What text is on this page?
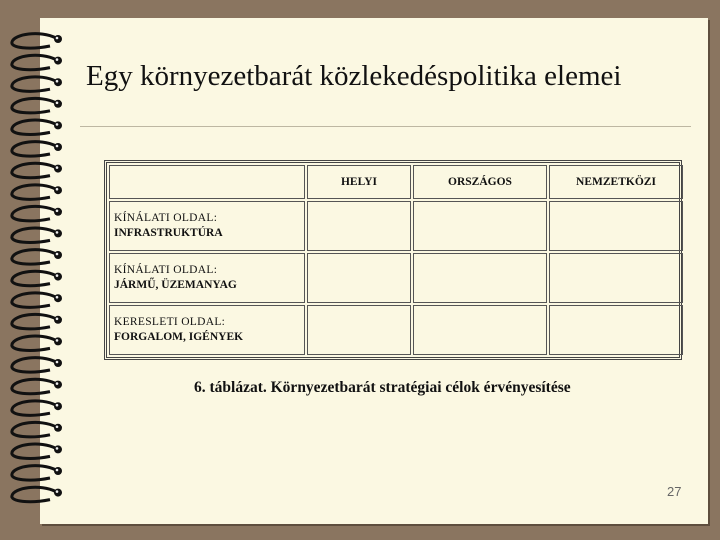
Egy környezetbarát közlekedéspolitika elemei
	HELYI	ORSZÁGOS	NEMZETKÖZI

KÍNÁLATI OLDAL:
INFRASTRUKTÚRA			

KÍNÁLATI OLDAL:
JÁRMŰ, ÜZEMANYAG			

KERESLETI OLDAL:
FORGALOM, IGÉNYEK			

6. táblázat. Környezetbarát stratégiai célok érvényesítése
27
